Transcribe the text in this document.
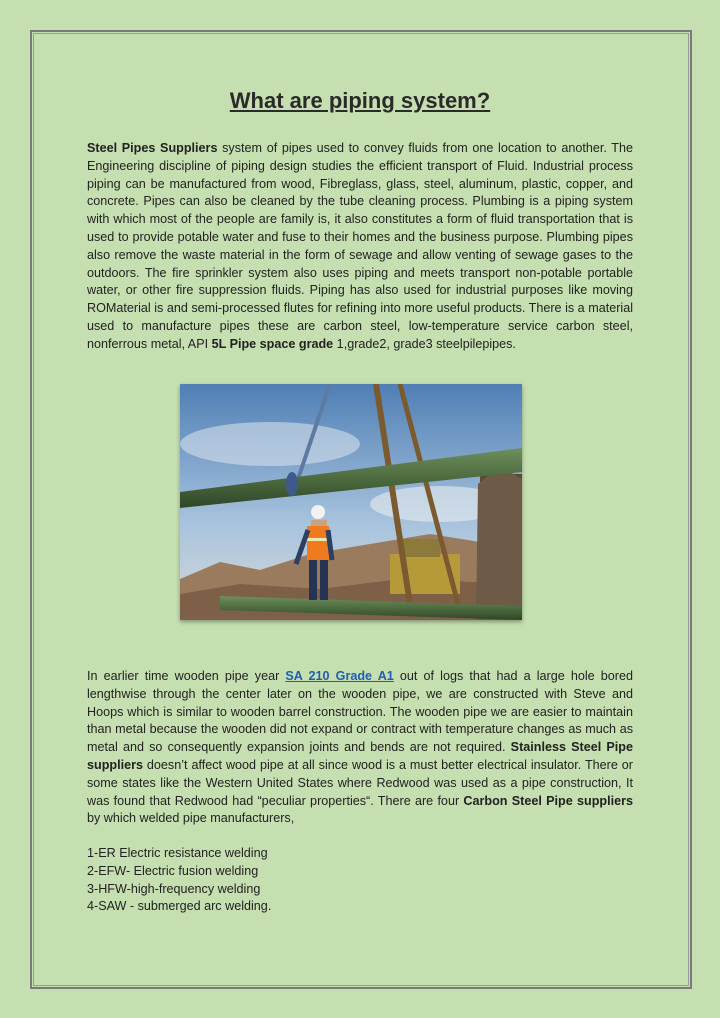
What are piping system?

Steel Pipes Suppliers system of pipes used to convey fluids from one location to another. The Engineering discipline of piping design studies the efficient transport of Fluid. Industrial process piping can be manufactured from wood, Fibreglass, glass, steel, aluminum, plastic, copper, and concrete. Pipes can also be cleaned by the tube cleaning process. Plumbing is a piping system with which most of the people are family is, it also constitutes a form of fluid transportation that is used to provide potable water and fuse to their homes and the business purpose. Plumbing pipes also remove the waste material in the form of sewage and allow venting of sewage gases to the outdoors. The fire sprinkler system also uses piping and meets transport non-potable portable water, or other fire suppression fluids. Piping has also used for industrial purposes like moving ROMaterial is and semi-processed flutes for refining into more useful products. There is a material used to manufacture pipes these are carbon steel, low-temperature service carbon steel, nonferrous metal, API 5L Pipe space grade 1,grade2, grade3 steelpilepipes.

In earlier time wooden pipe year SA 210 Grade A1 out of logs that had a large hole bored lengthwise through the center later on the wooden pipe, we are constructed with Steve and Hoops which is similar to wooden barrel construction. The wooden pipe we are easier to maintain than metal because the wooden did not expand or contract with temperature changes as much as metal and so consequently expansion joints and bends are not required. Stainless Steel Pipe suppliers doesn’t affect wood pipe at all since wood is a must better electrical insulator. There or some states like the Western United States where Redwood was used as a pipe construction, It was found that Redwood had “peculiar properties“. There are four Carbon Steel Pipe suppliers by which welded pipe manufacturers,

1-ER Electric resistance welding
2-EFW- Electric fusion welding
3-HFW-high-frequency welding
4-SAW - submerged arc welding.
